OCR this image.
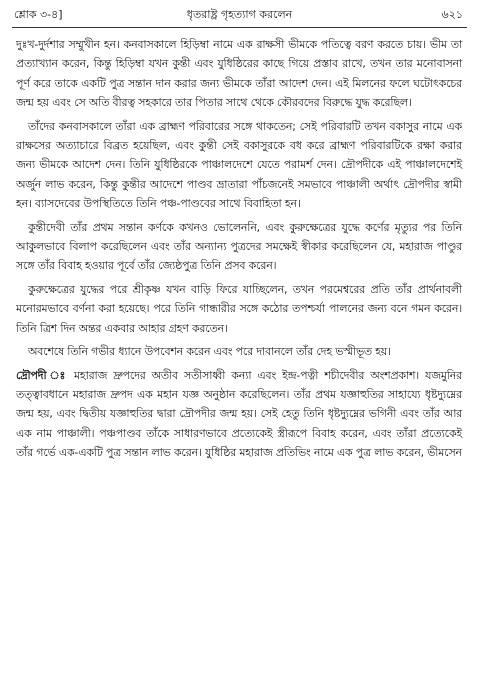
শ্লোক ৩-৪]	ধৃতরাষ্ট্র গৃহত্যাগ করলেন	৬২১

দুঃখ-দুর্দশার সম্মুখীন হন। কনবাসকালে হিড়িম্বা নামে এক রাক্ষসী ভীমকে পতিত্বে বরণ করতে চায়। ভীম তা প্রত্যাখ্যান করেন, কিন্তু হিড়িম্বা যখন কুন্তী এবং যুধিষ্ঠিরের কাছে গিয়ে প্রস্তাব রাখে, তখন তার মনোবাসনা পূর্ণ করে তাকে একটি পুত্র সন্তান দান করার জন্য ভীমকে তাঁরা আদেশ দেন। এই মিলনের ফলে ঘটোৎকচের জন্ম হয় এবং সে অতি বীরত্ব সহকারে তার পিতার সাথে থেকে কৌরবদের বিরুদ্ধে যুদ্ধ করেছিল।

তাঁদের কনবাসকালে তাঁরা এক ব্রাহ্মণ পরিবারের সঙ্গে থাকতেন; সেই পরিবারটি তখন বকাসুর নামে এক রাক্ষসের অত্যাচারে বিব্রত হয়েছিল, এবং কুন্তী সেই বকাসুরকে বধ করে ব্রাহ্মণ পরিবারটিকে রক্ষা করার জন্য ভীমকে আদেশ দেন। তিনি যুধিষ্ঠিরকে পাঞ্চালদেশে যেতে পরামর্শ দেন। দ্রৌপদীকে এই পাঞ্চালদেশেই অর্জুন লাভ করেন, কিন্তু কুন্তীর আদেশে পাণ্ডব ভ্রাতারা পাঁচজনেই সমভাবে পাঞ্চালী অর্থাৎ দ্রৌপদীর স্বামী হন। ব্যাসদেবের উপস্থিতিতে তিনি পঞ্চ-পাণ্ডবের সাথে বিবাহিতা হন।

কুন্তীদেবী তাঁর প্রথম সন্তান কর্ণকে কখনও ভোলেননি, এবং কুরুক্ষেত্রের যুদ্ধে কর্ণের মৃত্যুর পর তিনি আকুলভাবে বিলাপ করেছিলেন এবং তাঁর অন্যান্য পুত্রদের সমক্ষেই স্বীকার করেছিলেন যে, মহারাজ পাণ্ডুর সঙ্গে তাঁর বিবাহ হওয়ার পূর্বে তাঁর জ্যেষ্ঠপুত্র তিনি প্রসব করেন।

কুরুক্ষেত্রের যুদ্ধের পরে শ্রীকৃষ্ণ যখন বাড়ি ফিরে যাচ্ছিলেন, তখন পরমেশ্বরের প্রতি তাঁর প্রার্থনাবলী মনোরমভাবে বর্ণনা করা হয়েছে। পরে তিনি গান্ধারীর সঙ্গে কঠোর তপশ্চর্যা পালনের জন্য বনে গমন করেন। তিনি ত্রিশ দিন অন্তর একবার আহার গ্রহণ করতেন।

অবশেষে তিনি গভীর ধ্যানে উপবেশন করেন এবং পরে দাবানলে তাঁর দেহ ভস্মীভূত হয়।

দ্রৌপদী ঃ মহারাজ দ্রুপদের অতীব সতীসাধ্বী কন্যা এবং ইন্দ্র-পত্নী শচীদেবীর অংশপ্রকাশ। যজমুনির তত্ত্বাবধানে মহারাজ দ্রুপদ এক মহান যজ্ঞ অনুষ্ঠান করেছিলেন। তাঁর প্রথম যজ্ঞাহুতির সাহায্যে ধৃষ্টদ্যুম্নের জন্ম হয়, এবং দ্বিতীয় যজ্ঞাহুতির দ্বারা দ্রৌপদীর জন্ম হয়। সেই হেতু তিনি ধৃষ্টদ্যুম্নের ভগিনী এবং তাঁর আর এক নাম পাঞ্চালী। পঞ্চপাণ্ডব তাঁকে সাধারণভাবে প্রত্যেকেই স্ত্রীরূপে বিবাহ করেন, এবং তাঁরা প্রত্যেকেই তাঁর গর্ভে এক-একটি পুত্র সন্তান লাভ করেন। যুধিষ্ঠির মহারাজ প্রতিভিং নামে এক পুত্র লাভ করেন, ভীমসেন
